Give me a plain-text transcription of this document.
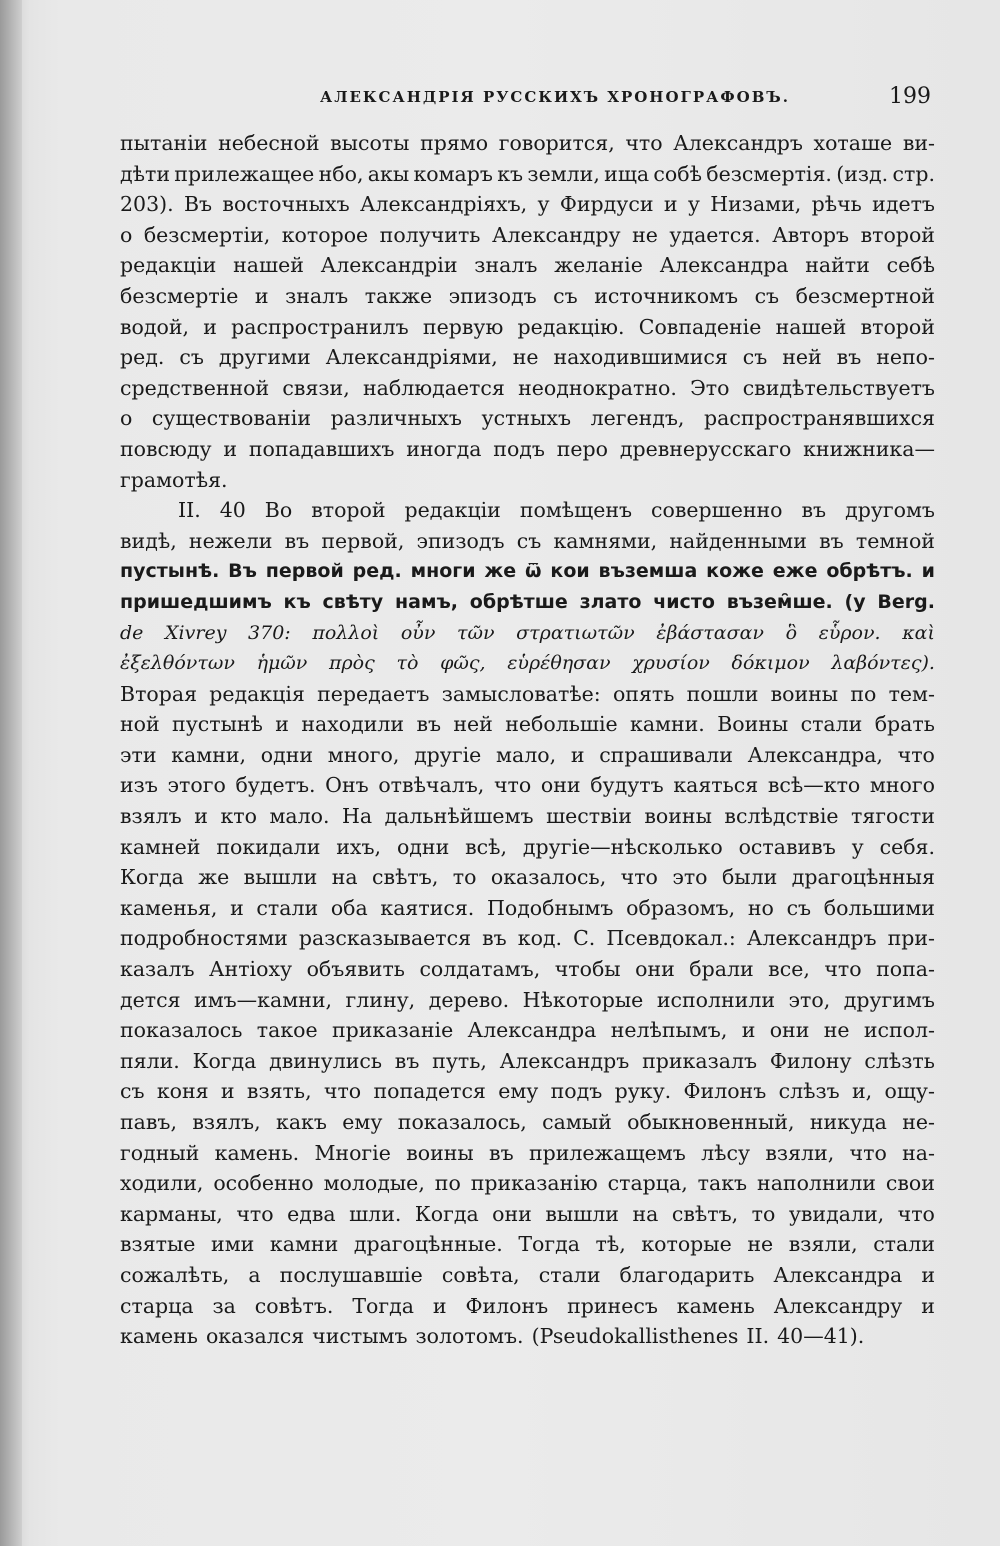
АЛЕКСАНДРІЯ РУССКИХЪ ХРОНОГРАФОВЪ.	199
пытаніи небесной высоты прямо говорится, что Александръ хоташе ви-
дѣти прилежащее нбо, акы комаръ къ земли, ища собѣ безсмертія. (изд. стр.
203). Въ восточныхъ Александріяхъ, у Фирдуси и у Низами, рѣчь идетъ
о безсмертіи, которое получить Александру не удается. Авторъ второй
редакціи нашей Александріи зналъ желаніе Александра найти себѣ
безсмертіе и зналъ также эпизодъ съ источникомъ съ безсмертной
водой, и распространилъ первую редакцію. Совпаденіе нашей второй
ред. съ другими Александріями, не находившимися съ ней въ непо-
средственной связи, наблюдается неоднократно. Это свидѣтельствуетъ
о существованіи различныхъ устныхъ легендъ, распространявшихся
повсюду и попадавшихъ иногда подъ перо древнерусскаго книжника—
грамотѣя.
II. 40 Во второй редакціи помѣщенъ совершенно въ другомъ
видѣ, нежели въ первой, эпизодъ съ камнями, найденными въ темной
пустынѣ. Въ первой ред. многи же ѿ кои въземша коже еже обрѣтъ. и
пришедшимъ къ свѣту намъ, обрѣтше злато чисто възем̑ше. (у Berg.
de Xivrey 370: πολλοὶ οὖν τῶν στρατιωτῶν ἐβάστασαν ὃ εὗρον. καὶ
ἐξελθόντων ἡμῶν πρὸς τὸ φῶς, εὑρέθησαν χρυσίον δόκιμον λαβόντες).
Вторая редакція передаетъ замысловатѣе: опять пошли воины по тем-
ной пустынѣ и находили въ ней небольшіе камни. Воины стали брать
эти камни, одни много, другіе мало, и спрашивали Александра, что
изъ этого будетъ. Онъ отвѣчалъ, что они будутъ каяться всѣ—кто много
взялъ и кто мало. На дальнѣйшемъ шествіи воины вслѣдствіе тягости
камней покидали ихъ, одни всѣ, другіе—нѣсколько оставивъ у себя.
Когда же вышли на свѣтъ, то оказалось, что это были драгоцѣнныя
каменья, и стали оба каятися. Подобнымъ образомъ, но съ большими
подробностями разсказывается въ код. С. Псевдокал.: Александръ при-
казалъ Антіоху объявить солдатамъ, чтобы они брали все, что попа-
дется имъ—камни, глину, дерево. Нѣкоторые исполнили это, другимъ
показалось такое приказаніе Александра нелѣпымъ, и они не испол-
пяли. Когда двинулись въ путь, Александръ приказалъ Филону слѣзть
съ коня и взять, что попадется ему подъ руку. Филонъ слѣзъ и, ощу-
павъ, взялъ, какъ ему показалось, самый обыкновенный, никуда не-
годный камень. Многіе воины въ прилежащемъ лѣсу взяли, что на-
ходили, особенно молодые, по приказанію старца, такъ наполнили свои
карманы, что едва шли. Когда они вышли на свѣтъ, то увидали, что
взятые ими камни драгоцѣнные. Тогда тѣ, которые не взяли, стали
сожалѣть, а послушавшіе совѣта, стали благодарить Александра и
старца за совѣтъ. Тогда и Филонъ принесъ камень Александру и
камень оказался чистымъ золотомъ. (Pseudokallisthenes II. 40—41).
